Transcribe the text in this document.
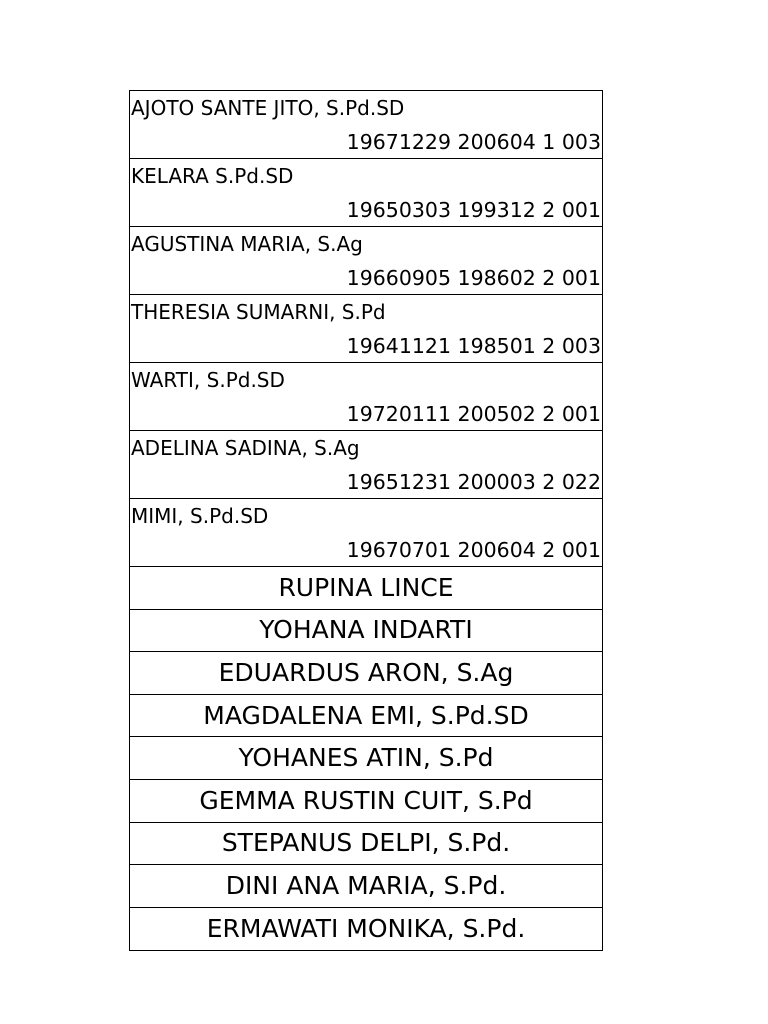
AJOTO SANTE JITO, S.Pd.SD
19671229 200604 1 003
KELARA S.Pd.SD
19650303 199312 2 001
AGUSTINA MARIA, S.Ag
19660905 198602 2 001
THERESIA SUMARNI, S.Pd
19641121 198501 2 003
WARTI, S.Pd.SD
19720111 200502 2 001
ADELINA SADINA, S.Ag
19651231 200003 2 022
MIMI, S.Pd.SD
19670701 200604 2 001
RUPINA LINCE
YOHANA INDARTI
EDUARDUS ARON, S.Ag
MAGDALENA EMI, S.Pd.SD
YOHANES ATIN, S.Pd
GEMMA RUSTIN CUIT, S.Pd
STEPANUS DELPI, S.Pd.
DINI ANA MARIA, S.Pd.
ERMAWATI MONIKA, S.Pd.
